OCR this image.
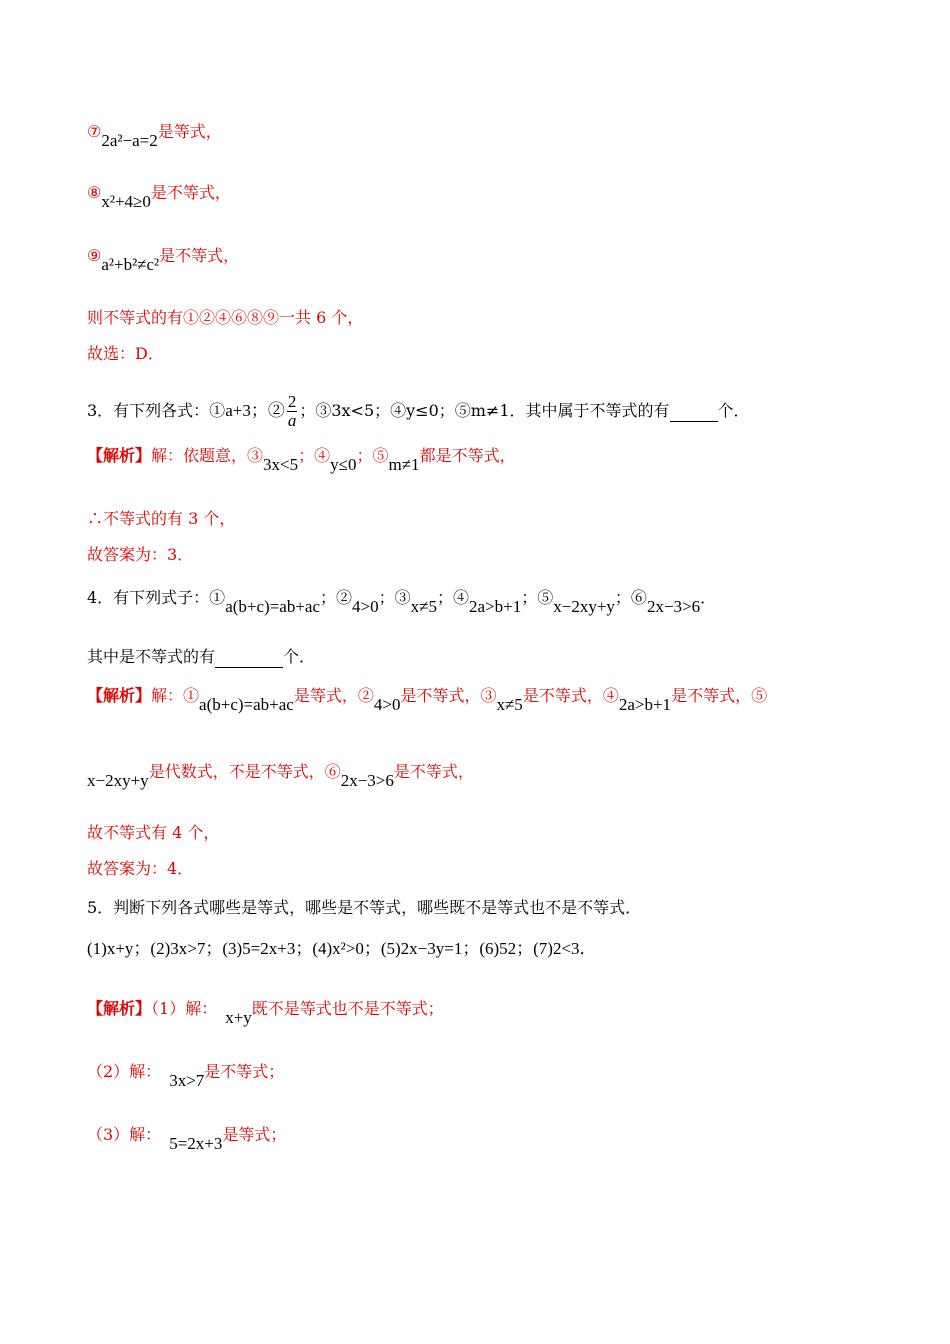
⑦2a²−a=2是等式，
⑧x²+4≥0是不等式，
⑨a²+b²≠c²是不等式，
则不等式的有①②④⑥⑧⑨一共 6 个，
故选：D．
3．有下列各式：①a+3；② $\frac{2}{a}$ ；③3x<5；④y≤0；⑤m≠1．其中属于不等式的有	个．
【解析】解：依题意，③3x<5；④y≤0；⑤m≠1都是不等式，
∴不等式的有 3 个，
故答案为：3．
4．有下列式子：①a(b+c)=ab+ac；②4>0；③x≠5；④2a>b+1；⑤x−2xy+y；⑥2x−3>6．
其中是不等式的有	个．
【解析】解：①a(b+c)=ab+ac是等式，②4>0是不等式，③x≠5是不等式，④2a>b+1是不等式，⑤
x−2xy+y是代数式，不是不等式，⑥2x−3>6是不等式，
故不等式有 4 个，
故答案为：4．
5．判断下列各式哪些是等式，哪些是不等式，哪些既不是等式也不是不等式．
(1)x+y；(2)3x>7；(3)5=2x+3；(4)x²>0；(5)2x−3y=1；(6)52；(7)2<3．
【解析】（1）解： x+y既不是等式也不是不等式；
（2）解： 3x>7是不等式；
（3）解： 5=2x+3是等式；
